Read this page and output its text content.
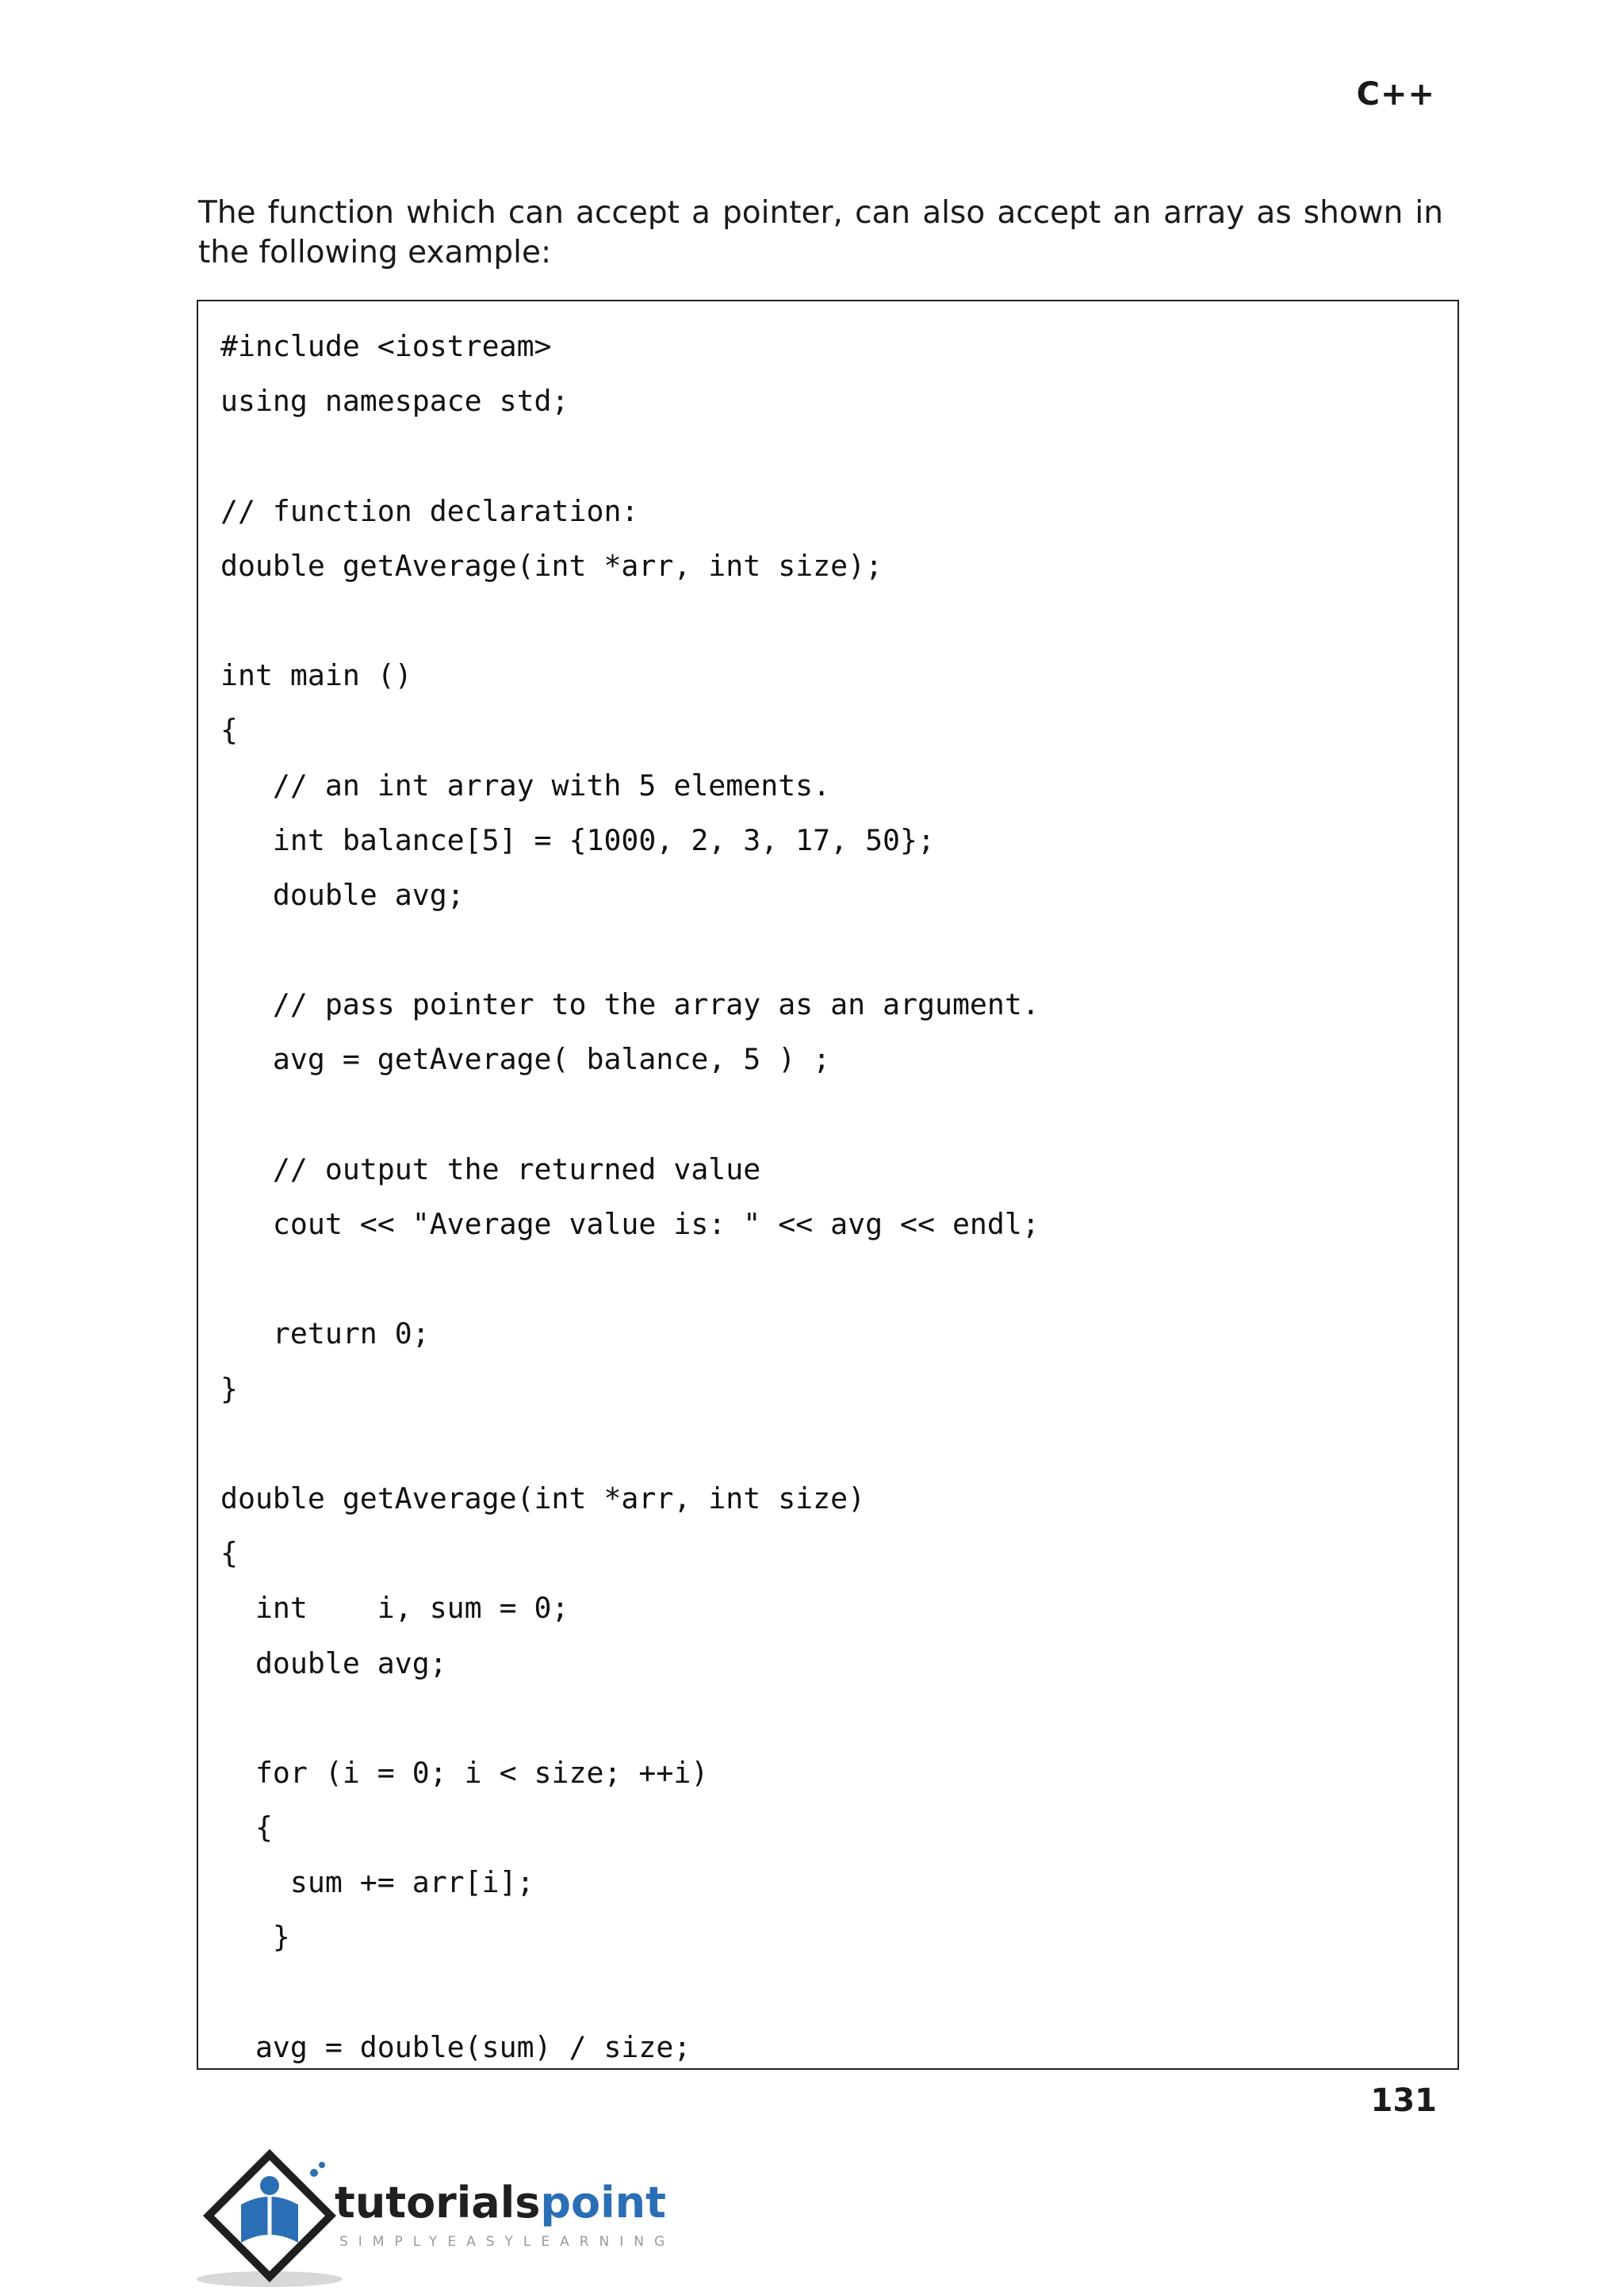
C++

The function which can accept a pointer, can also accept an array as shown in the following example:

#include <iostream>
using namespace std;

// function declaration:
double getAverage(int *arr, int size);

int main ()
{
// an int array with 5 elements.
int balance[5] = {1000, 2, 3, 17, 50};
double avg;

// pass pointer to the array as an argument.
avg = getAverage( balance, 5 ) ;

// output the returned value
cout << "Average value is: " << avg << endl;

return 0;
}

double getAverage(int *arr, int size)
{
int    i, sum = 0;
double avg;

for (i = 0; i < size; ++i)
{
sum += arr[i];
}

avg = double(sum) / size;
131
tutorialspoint
SIMPLYEASYLEARNING
